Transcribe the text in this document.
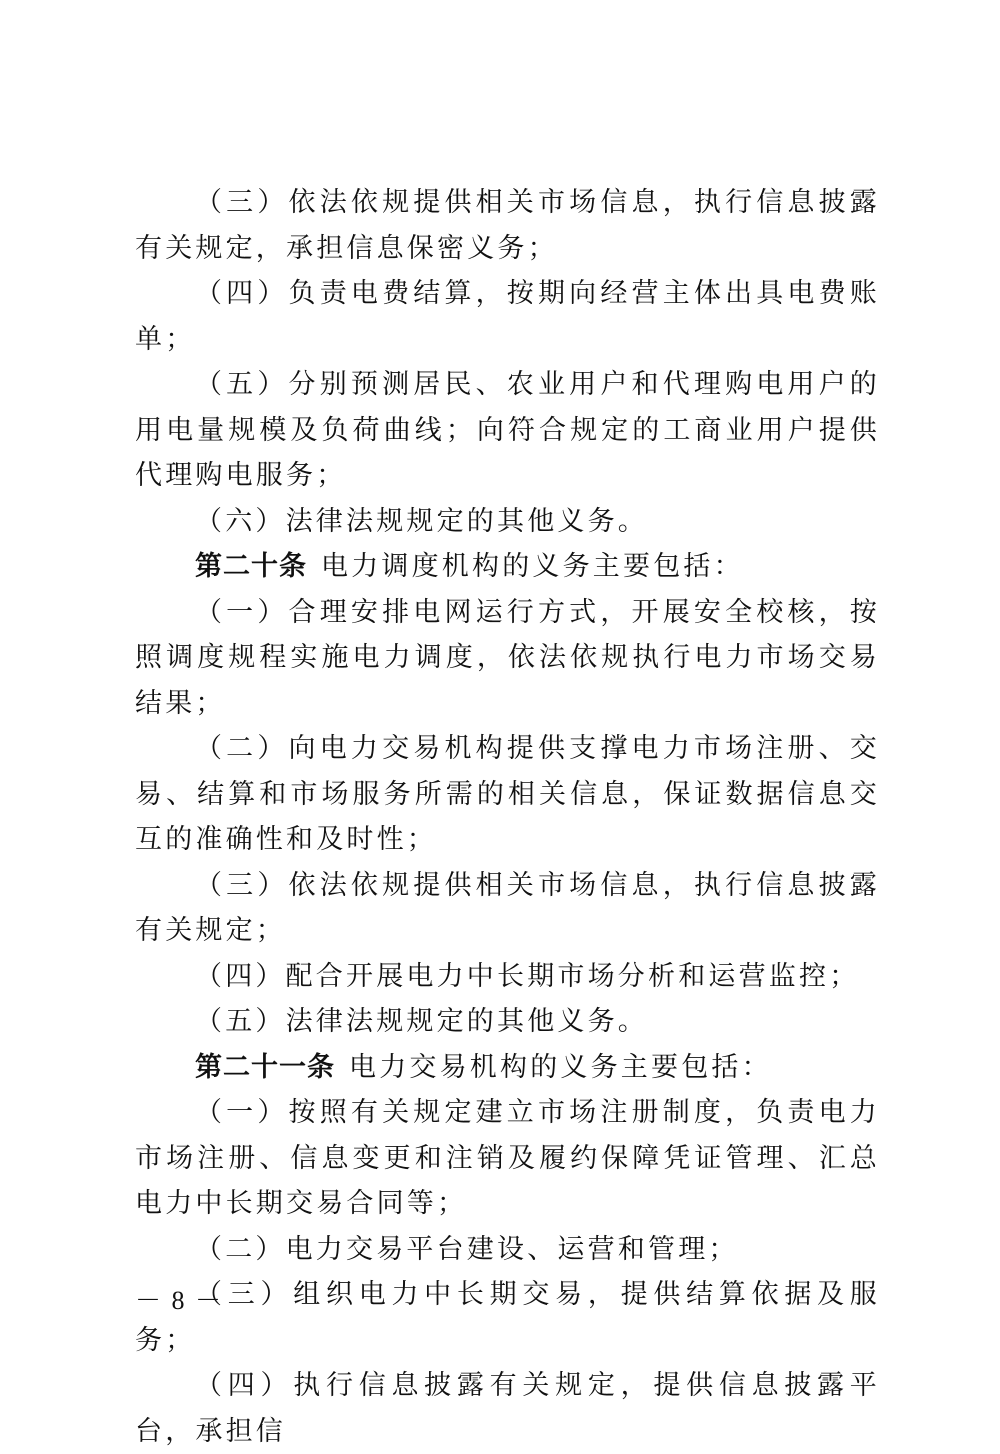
（三）依法依规提供相关市场信息，执行信息披露有关规定，承担信息保密义务；

（四）负责电费结算，按期向经营主体出具电费账单；

（五）分别预测居民、农业用户和代理购电用户的用电量规模及负荷曲线；向符合规定的工商业用户提供代理购电服务；

（六）法律法规规定的其他义务。

第二十条 电力调度机构的义务主要包括：

（一）合理安排电网运行方式，开展安全校核，按照调度规程实施电力调度，依法依规执行电力市场交易结果；

（二）向电力交易机构提供支撑电力市场注册、交易、结算和市场服务所需的相关信息，保证数据信息交互的准确性和及时性；

（三）依法依规提供相关市场信息，执行信息披露有关规定；

（四）配合开展电力中长期市场分析和运营监控；

（五）法律法规规定的其他义务。

第二十一条 电力交易机构的义务主要包括：

（一）按照有关规定建立市场注册制度，负责电力市场注册、信息变更和注销及履约保障凭证管理、汇总电力中长期交易合同等；

（二）电力交易平台建设、运营和管理；

（三）组织电力中长期交易，提供结算依据及服务；

（四）执行信息披露有关规定，提供信息披露平台，承担信

－ 8 －
